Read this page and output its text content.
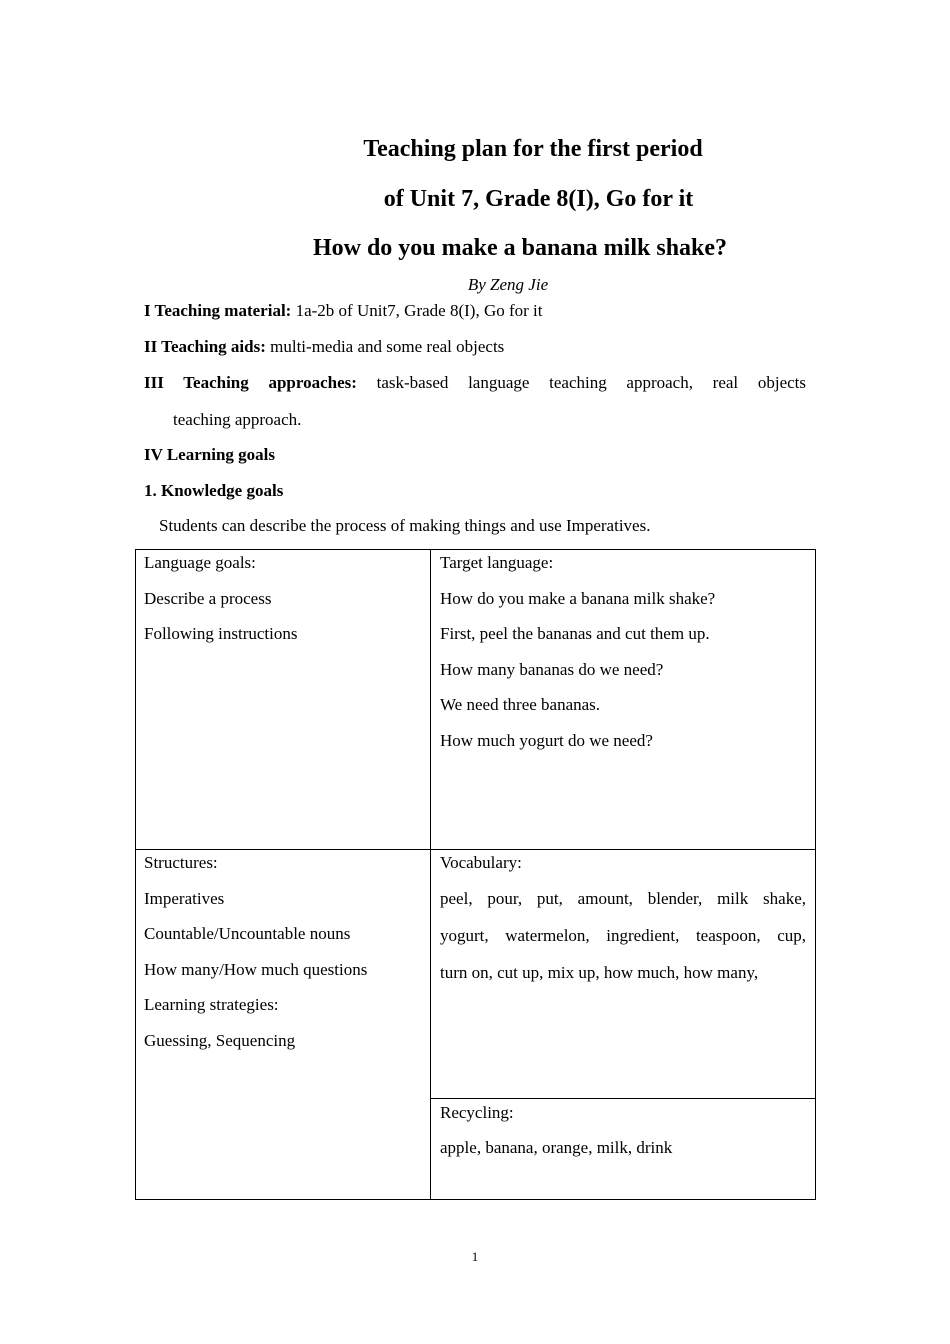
Teaching plan for the first period
of Unit 7, Grade 8(I), Go for it
How do you make a banana milk shake?
By Zeng Jie
I Teaching material: 1a-2b of Unit7, Grade 8(I), Go for it
II Teaching aids: multi-media and some real objects
III Teaching approaches: task-based language teaching approach, real objects
teaching approach.
IV Learning goals
1. Knowledge goals
Students can describe the process of making things and use Imperatives.
Language goals:
Describe a process
Following instructions
Target language:
How do you make a banana milk shake?
First, peel the bananas and cut them up.
How many bananas do we need?
We need three bananas.
How much yogurt do we need?
Structures:
Imperatives
Countable/Uncountable nouns
How many/How much questions
Learning strategies:
Guessing, Sequencing
Vocabulary:
peel, pour, put, amount, blender, milk shake,
yogurt, watermelon, ingredient, teaspoon, cup,
turn on, cut up, mix up, how much, how many,
Recycling:
apple, banana, orange, milk, drink
1
